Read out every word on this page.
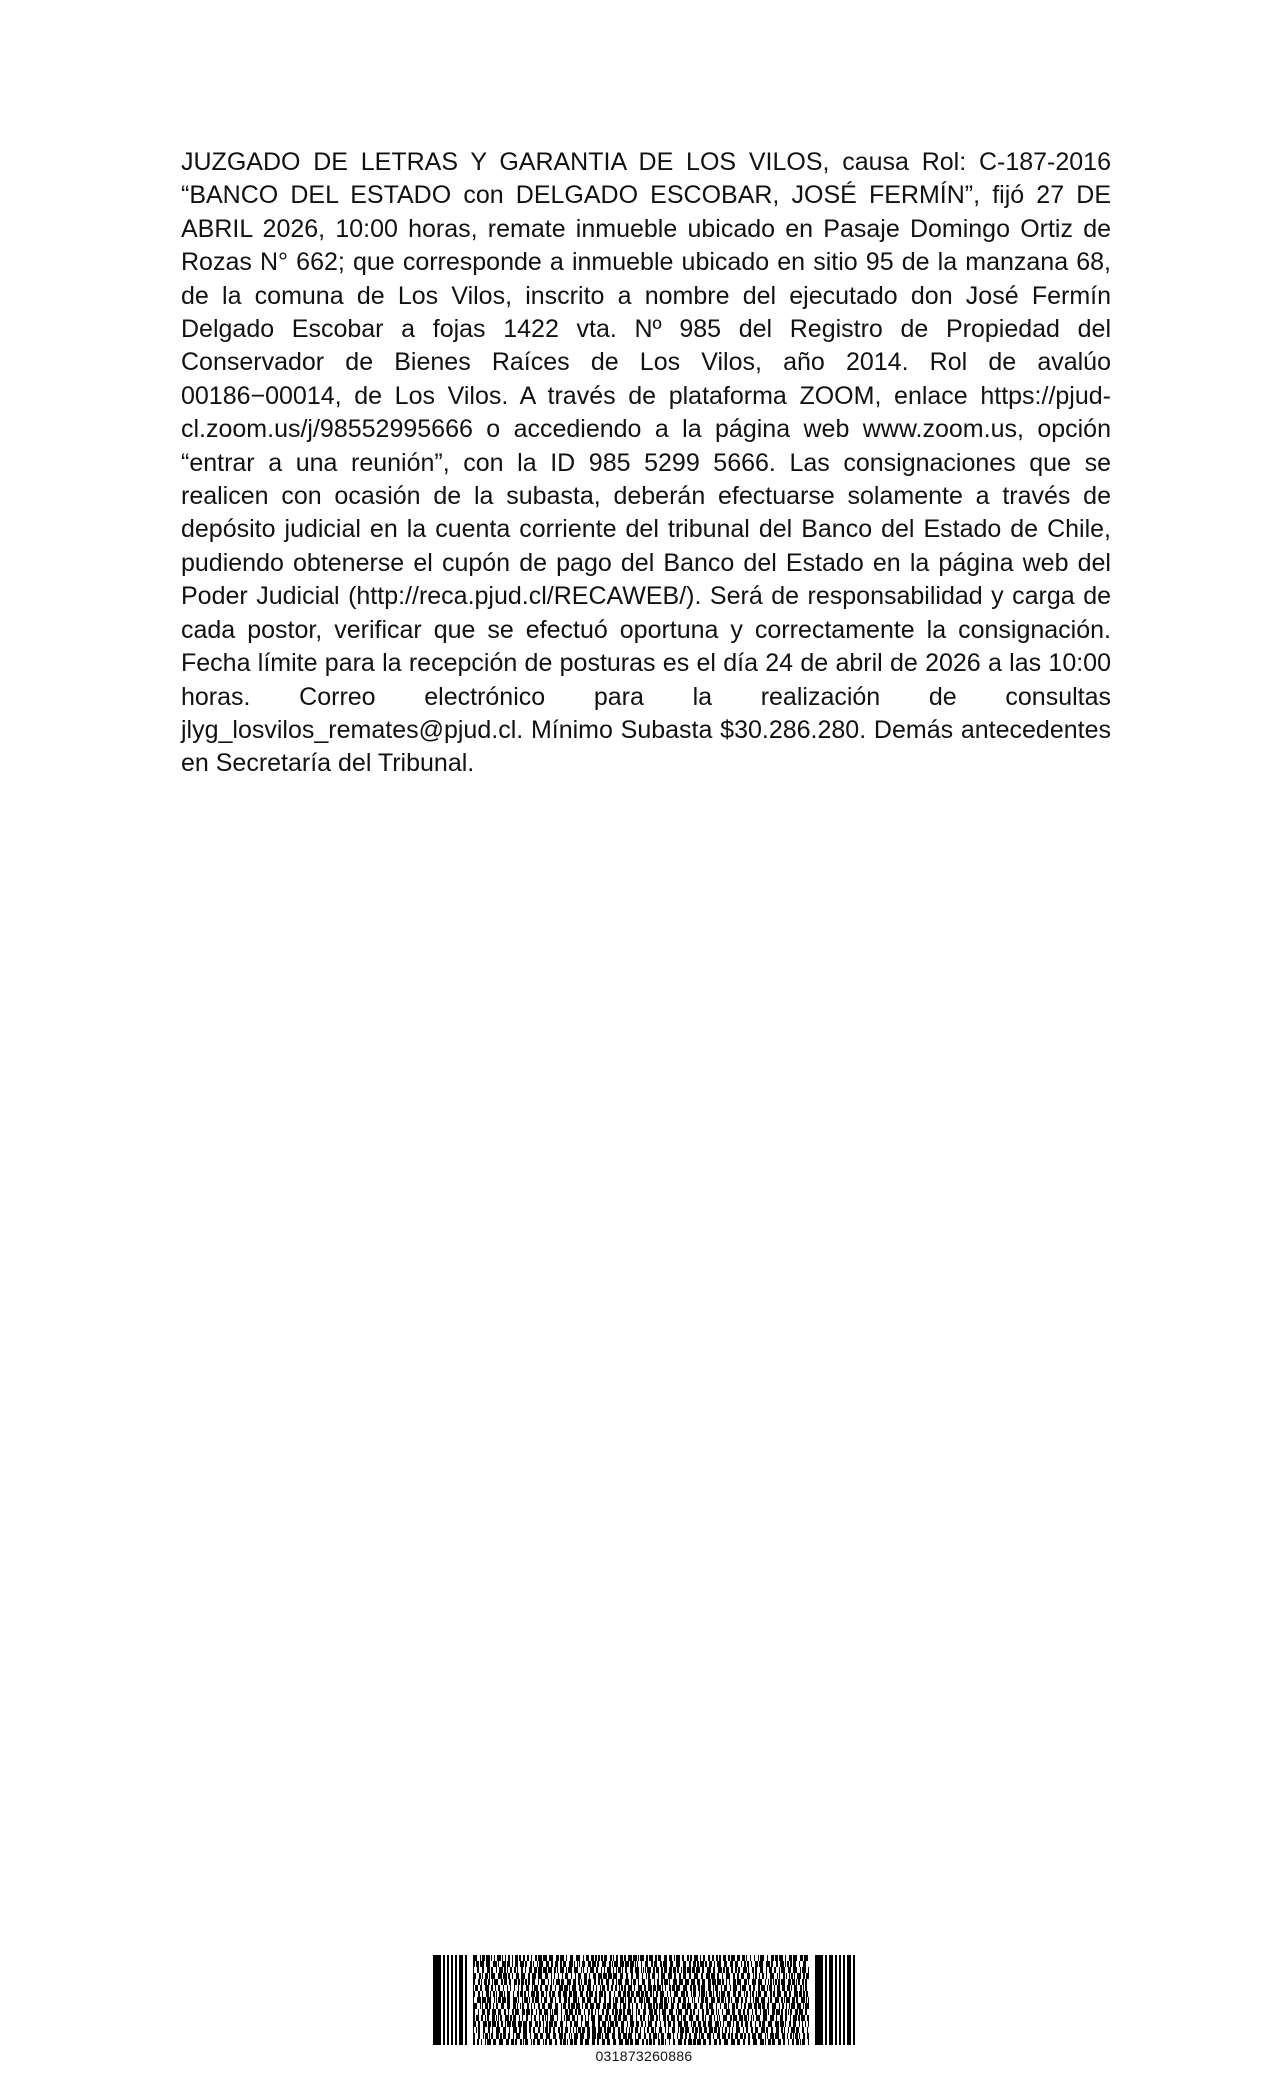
JUZGADO DE LETRAS Y GARANTIA DE LOS VILOS, causa Rol: C-187-2016 “BANCO DEL ESTADO con DELGADO ESCOBAR, JOSÉ FERMÍN”, fijó 27 DE ABRIL 2026, 10:00 horas, remate inmueble ubicado en Pasaje Domingo Ortiz de Rozas N° 662; que corresponde a inmueble ubicado en sitio 95 de la manzana 68, de la comuna de Los Vilos, inscrito a nombre del ejecutado don José Fermín Delgado Escobar a fojas 1422 vta. Nº 985 del Registro de Propiedad del Conservador de Bienes Raíces de Los Vilos, año 2014. Rol de avalúo 00186−00014, de Los Vilos. A través de plataforma ZOOM, enlace https://pjud-cl.zoom.us/j/98552995666 o accediendo a la página web www.zoom.us, opción “entrar a una reunión”, con la ID 985 5299 5666. Las consignaciones que se realicen con ocasión de la subasta, deberán efectuarse solamente a través de depósito judicial en la cuenta corriente del tribunal del Banco del Estado de Chile, pudiendo obtenerse el cupón de pago del Banco del Estado en la página web del Poder Judicial (http://reca.pjud.cl/RECAWEB/). Será de responsabilidad y carga de cada postor, verificar que se efectuó oportuna y correctamente la consignación. Fecha límite para la recepción de posturas es el día 24 de abril de 2026 a las 10:00 horas. Correo electrónico para la realización de consultas jlyg_losvilos_remates@pjud.cl. Mínimo Subasta $30.286.280. Demás antecedentes en Secretaría del Tribunal.

031873260886
